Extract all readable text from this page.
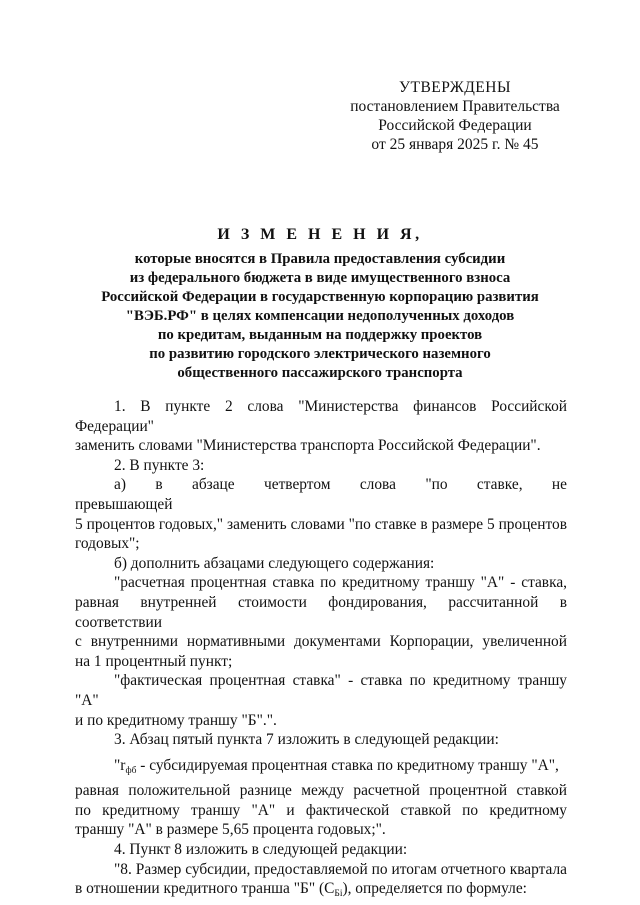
УТВЕРЖДЕНЫ
постановлением Правительства
Российской Федерации
от 25 января 2025 г. № 45
И З М Е Н Е Н И Я,
которые вносятся в Правила предоставления субсидии
из федерального бюджета в виде имущественного взноса
Российской Федерации в государственную корпорацию развития
"ВЭБ.РФ" в целях компенсации недополученных доходов
по кредитам, выданным на поддержку проектов
по развитию городского электрического наземного
общественного пассажирского транспорта
1. В пункте 2 слова "Министерства финансов Российской Федерации"
заменить словами "Министерства транспорта Российской Федерации".
2. В пункте 3:
а) в абзаце четвертом слова "по ставке, не превышающей
5 процентов годовых," заменить словами "по ставке в размере 5 процентов
годовых";
б) дополнить абзацами следующего содержания:
"расчетная процентная ставка по кредитному траншу "А" - ставка,
равная внутренней стоимости фондирования, рассчитанной в соответствии
с внутренними нормативными документами Корпорации, увеличенной
на 1 процентный пункт;
"фактическая процентная ставка" - ставка по кредитному траншу "А"
и по кредитному траншу "Б".".
3. Абзац пятый пункта 7 изложить в следующей редакции:
"$r_{фб}$ - субсидируемая процентная ставка по кредитному траншу "А",
равная положительной разнице между расчетной процентной ставкой
по кредитному траншу "А" и фактической ставкой по кредитному
траншу "А" в размере 5,65 процента годовых;".
4. Пункт 8 изложить в следующей редакции:
"8. Размер субсидии, предоставляемой по итогам отчетного квартала
в отношении кредитного транша "Б" $(C_{Бi})$, определяется по формуле:
